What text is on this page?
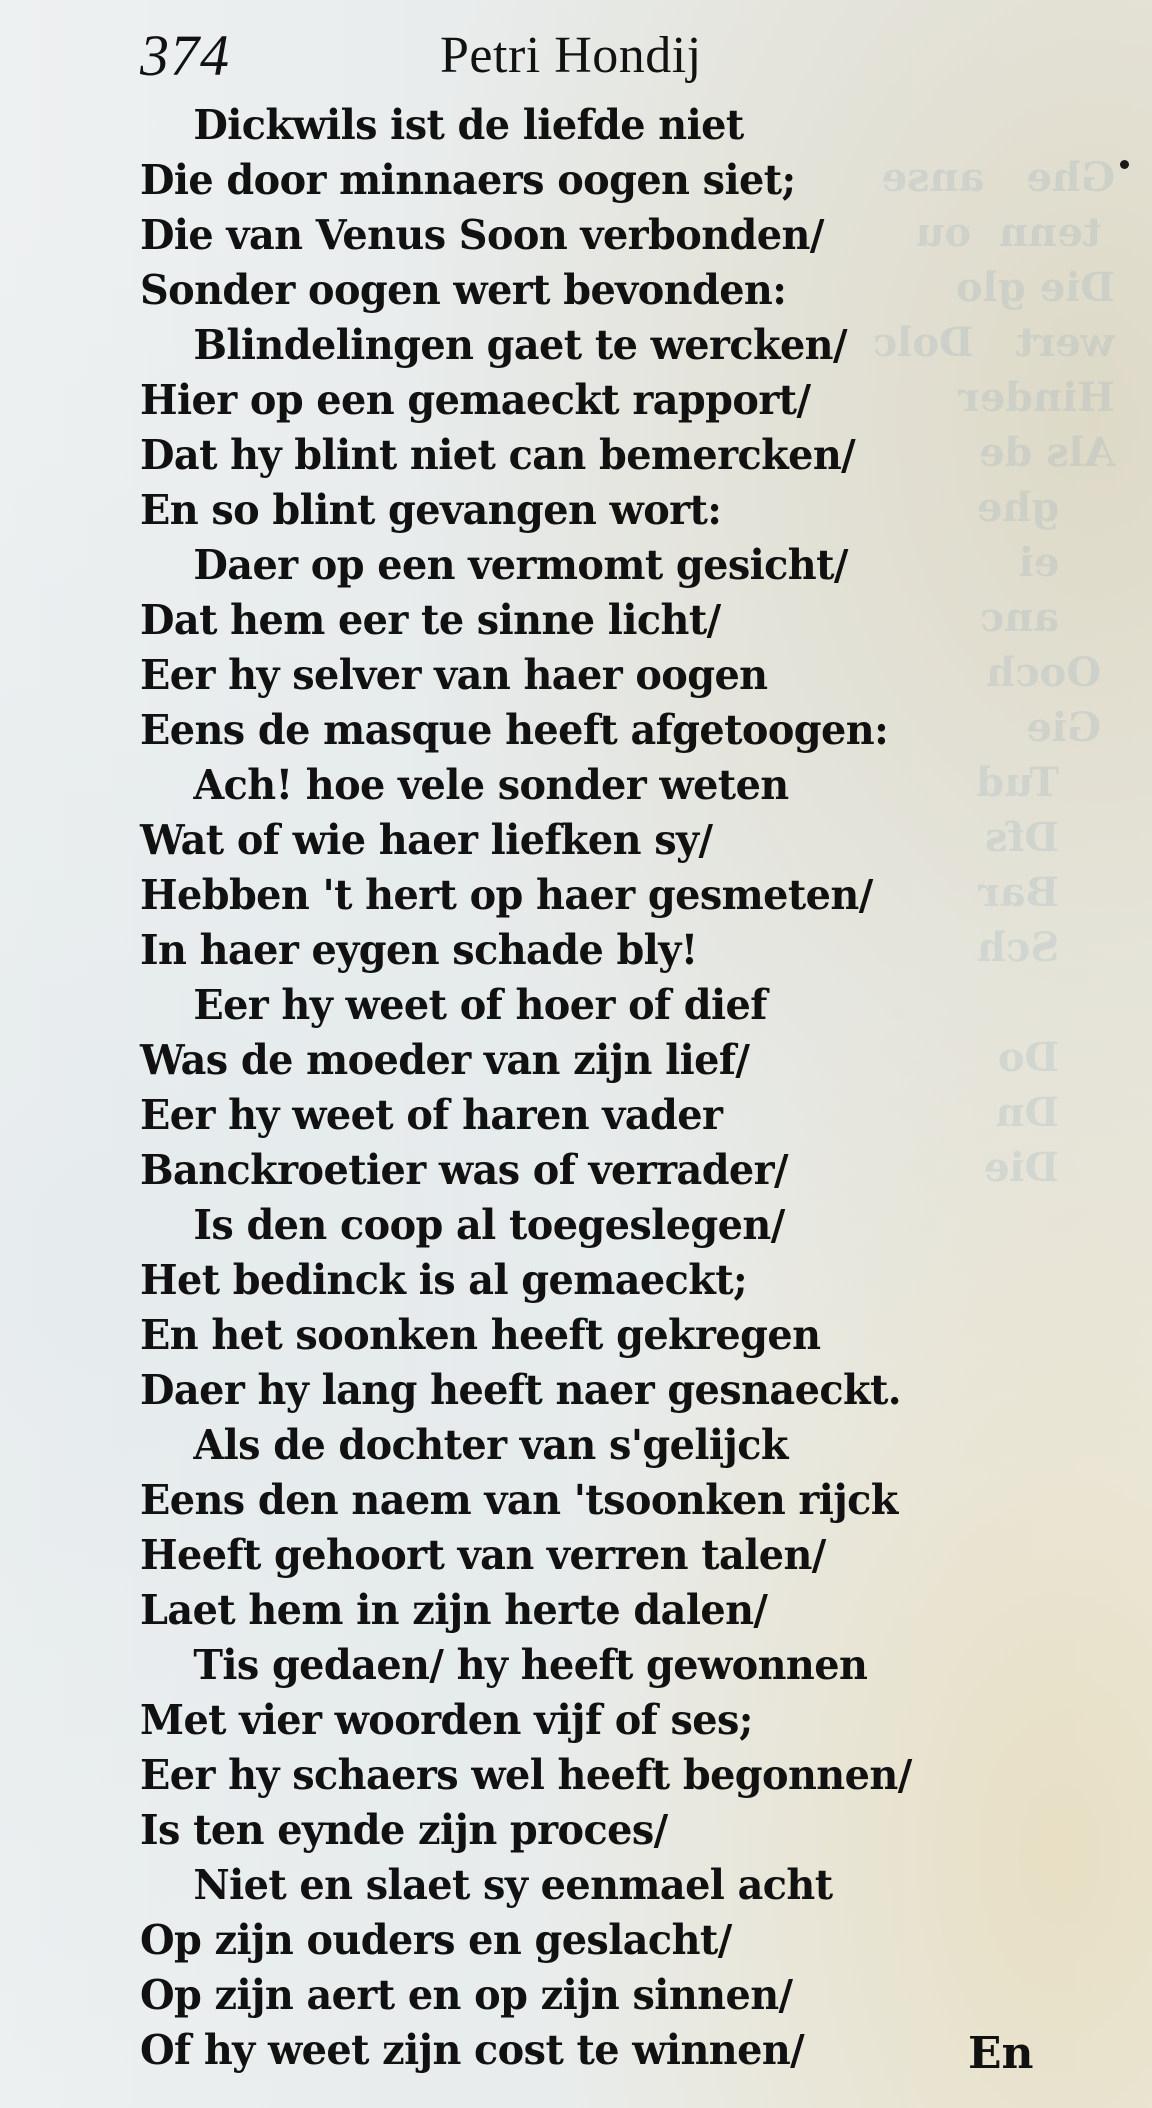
Ghe   anse
tenn  ou
Die glo
wert   Dolc
Hinder
Als de
ghe
ei
anc
Ooch
Gie
Tud
Dfs
Bar
Sch

Do
Dn
Die

374	Petri Hondij
Dickwils ist de liefde niet
Die door minnaers oogen siet;
Die van Venus Soon verbonden/
Sonder oogen wert bevonden:
Blindelingen gaet te wercken/
Hier op een gemaeckt rapport/
Dat hy blint niet can bemercken/
En so blint gevangen wort:
Daer op een vermomt gesicht/
Dat hem eer te sinne licht/
Eer hy selver van haer oogen
Eens de masque heeft afgetoogen:
Ach! hoe vele sonder weten
Wat of wie haer liefken sy/
Hebben 't hert op haer gesmeten/
In haer eygen schade bly!
Eer hy weet of hoer of dief
Was de moeder van zijn lief/
Eer hy weet of haren vader
Banckroetier was of verrader/
Is den coop al toegeslegen/
Het bedinck is al gemaeckt;
En het soonken heeft gekregen
Daer hy lang heeft naer gesnaeckt.
Als de dochter van s'gelijck
Eens den naem van 'tsoonken rijck
Heeft gehoort van verren talen/
Laet hem in zijn herte dalen/
Tis gedaen/ hy heeft gewonnen
Met vier woorden vijf of ses;
Eer hy schaers wel heeft begonnen/
Is ten eynde zijn proces/
Niet en slaet sy eenmael acht
Op zijn ouders en geslacht/
Op zijn aert en op zijn sinnen/
Of hy weet zijn cost te winnen/	En
